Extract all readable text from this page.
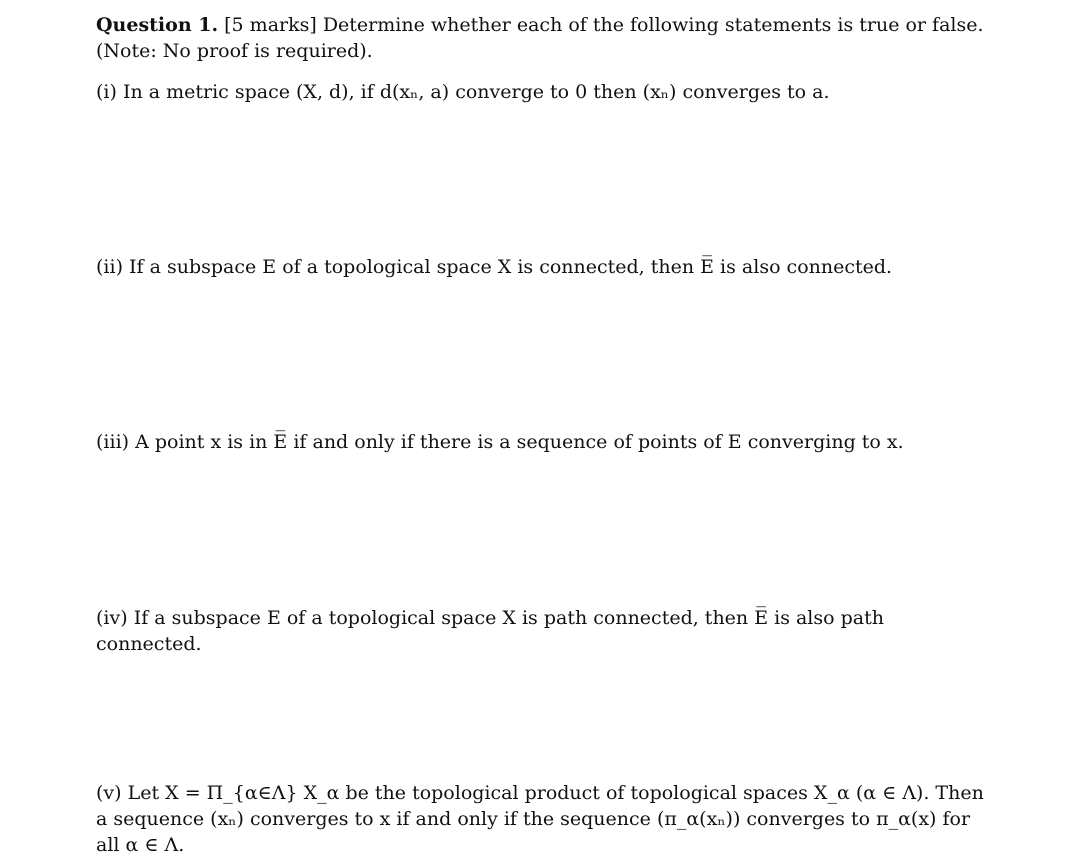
Question 1. [5 marks] Determine whether each of the following statements is true or false. (Note: No proof is required).
(i) In a metric space (X, d), if d(xₙ, a) converge to 0 then (xₙ) converges to a.
(ii) If a subspace E of a topological space X is connected, then E̅ is also connected.
(iii) A point x is in E̅ if and only if there is a sequence of points of E converging to x.
(iv) If a subspace E of a topological space X is path connected, then E̅ is also path connected.
(v) Let X = Π_{α∈Λ} X_α be the topological product of topological spaces X_α (α ∈ Λ). Then a sequence (xₙ) converges to x if and only if the sequence (π_α(xₙ)) converges to π_α(x) for all α ∈ Λ.
